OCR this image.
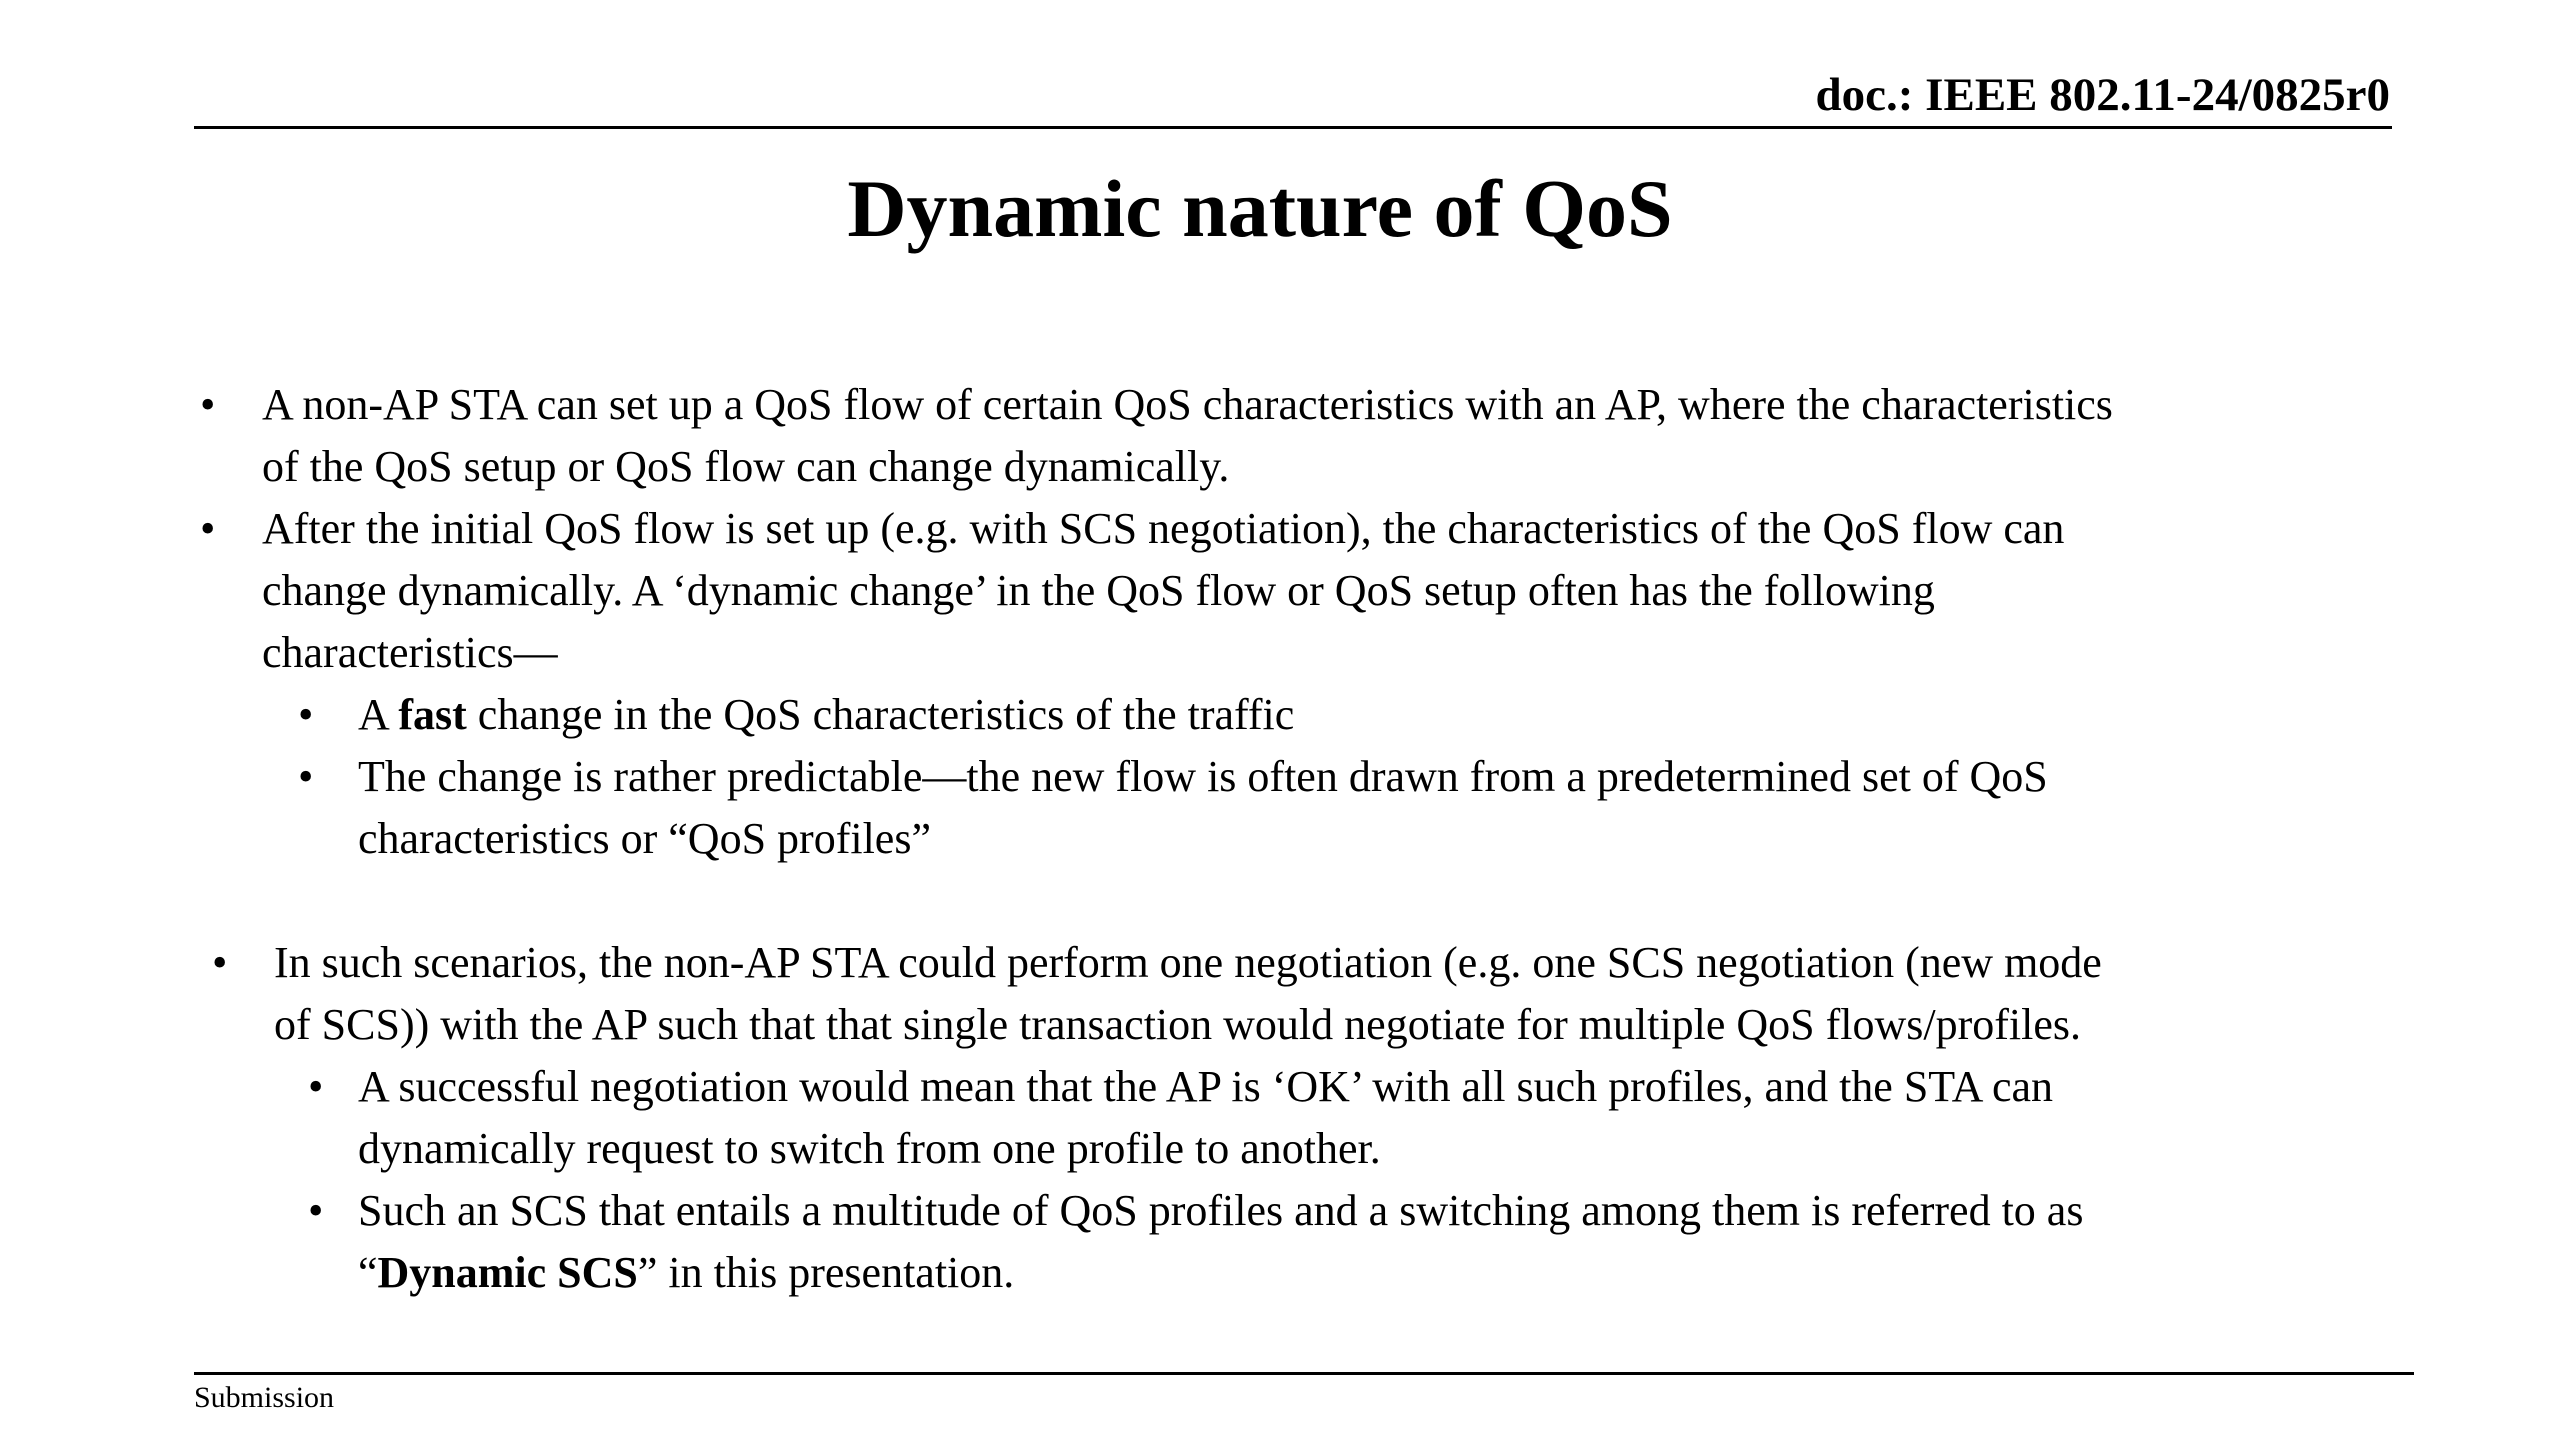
doc.: IEEE 802.11-24/0825r0
Dynamic nature of QoS
• A non-AP STA can set up a QoS flow of certain QoS characteristics with an AP, where the characteristics
of the QoS setup or QoS flow can change dynamically.
• After the initial QoS flow is set up (e.g. with SCS negotiation), the characteristics of the QoS flow can
change dynamically. A ‘dynamic change’ in the QoS flow or QoS setup often has the following
characteristics—
• A fast change in the QoS characteristics of the traffic
• The change is rather predictable—the new flow is often drawn from a predetermined set of QoS
characteristics or “QoS profiles”
• In such scenarios, the non-AP STA could perform one negotiation (e.g. one SCS negotiation (new mode
of SCS)) with the AP such that that single transaction would negotiate for multiple QoS flows/profiles.
• A successful negotiation would mean that the AP is ‘OK’ with all such profiles, and the STA can
dynamically request to switch from one profile to another.
• Such an SCS that entails a multitude of QoS profiles and a switching among them is referred to as
“Dynamic SCS” in this presentation.
Submission
